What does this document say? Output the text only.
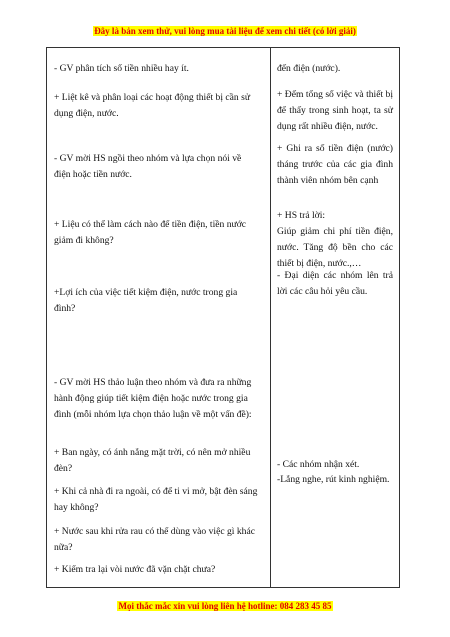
Đây là bản xem thử, vui lòng mua tài liệu để xem chi tiết (có lời giải)

- GV phân tích số tiền nhiều hay ít.

+ Liệt kê và phân loại các hoạt động thiết bị cần sử dụng điện, nước.

- GV mời HS ngồi theo nhóm và lựa chọn nói về điện hoặc tiền nước.

+ Liệu có thể làm cách nào để tiền điện, tiền nước giảm đi không?

+Lợi ích của việc tiết kiệm điện, nước trong gia đình?

- GV mời HS thảo luận theo nhóm và đưa ra những hành động giúp tiết kiệm điện hoặc nước trong gia đình (mỗi nhóm lựa chọn thảo luận về một vấn đề):

+ Ban ngày, có ánh nắng mặt trời, có nên mở nhiều đèn?

+ Khi cả nhà đi ra ngoài, có để ti vi mở, bật đèn sáng hay không?

+ Nước sau khi rửa rau có thể dùng vào việc gì khác nữa?

+ Kiểm tra lại vòi nước đã vặn chặt chưa?

đến điện (nước).

+ Đếm tổng số việc và thiết bị để thấy trong sinh hoạt, ta sử dụng rất nhiều điện, nước.

+ Ghi ra số tiền điện (nước) tháng trước của các gia đình thành viên nhóm bên cạnh

+ HS trả lời:

Giúp giảm chi phí tiền điện, nước. Tăng độ bền cho các thiết bị điện, nước.,…

- Đại diện các nhóm lên trả lời các câu hỏi yêu cầu.

- Các nhóm nhận xét.

-Lắng nghe, rút kinh nghiệm.

Mọi thắc mắc xin vui lòng liên hệ hotline: 084 283 45 85
